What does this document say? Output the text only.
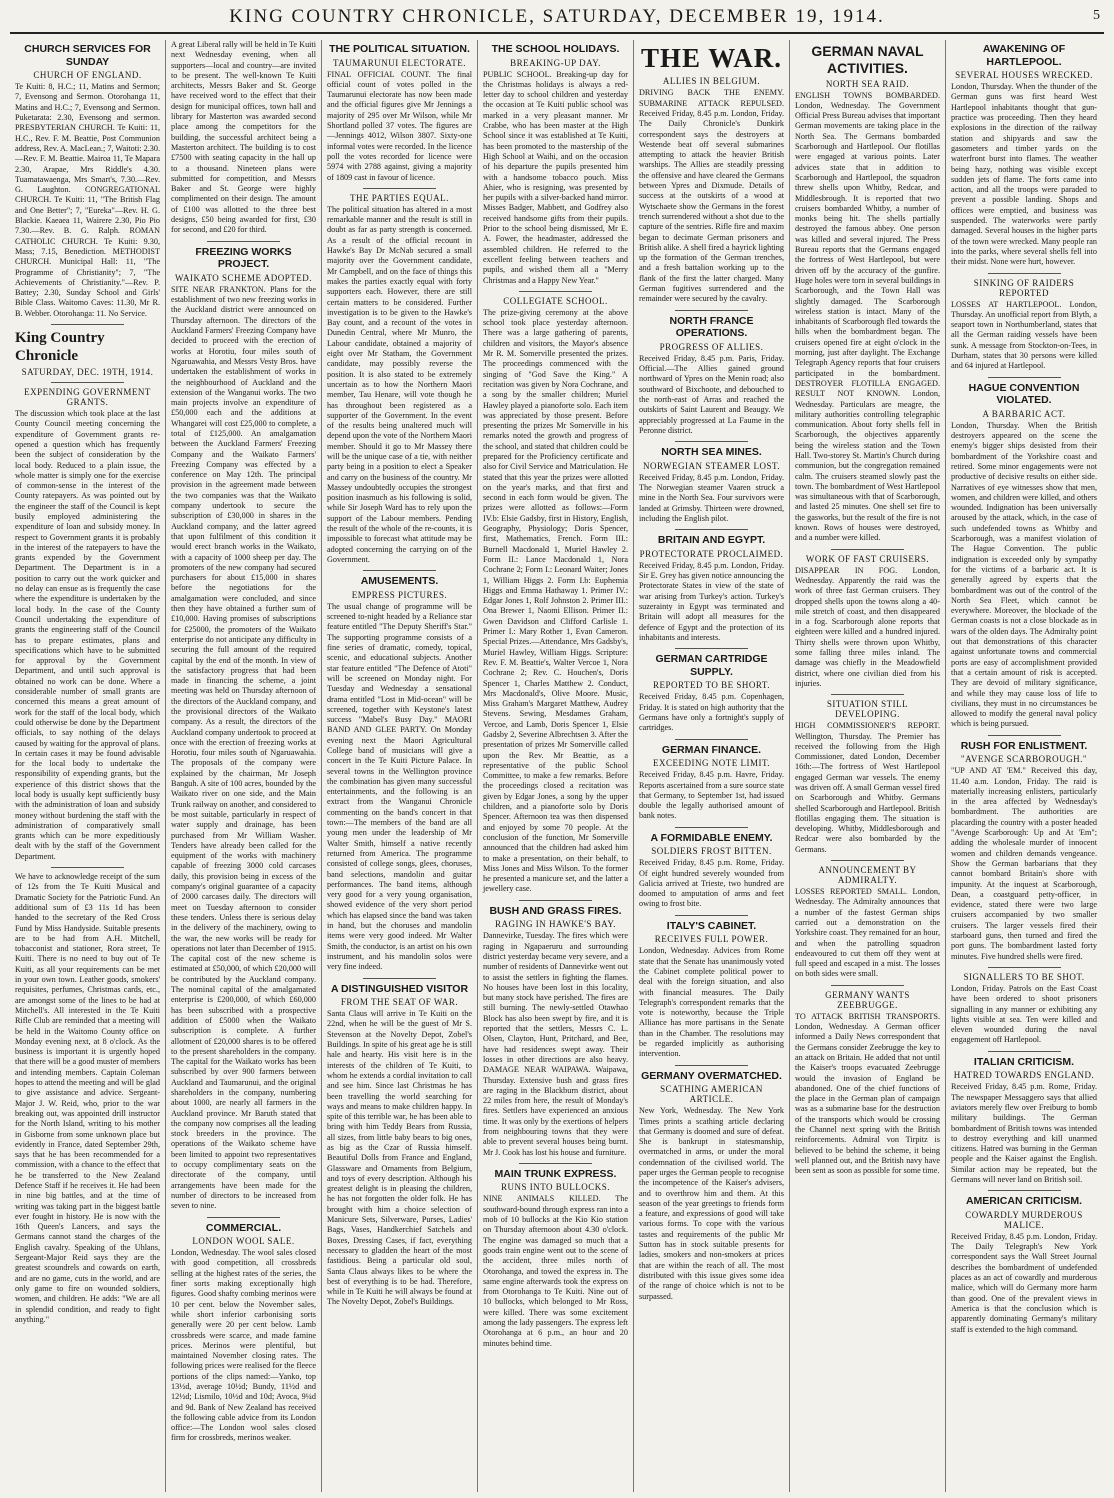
KING COUNTRY CHRONICLE, SATURDAY, DECEMBER 19, 1914.	5
CHURCH SERVICES FOR SUNDAY
CHURCH OF ENGLAND.

Te Kuiti: 8, H.C.; 11, Matins and Sermon; 7, Evensong and Sermon. Otorohanga 11, Matins and H.C.; 7, Evensong and Sermon. Puketarata: 2.30, Evensong and sermon. PRESBYTERIAN CHURCH. Te Kuiti: 11, H.C., Rev. F. M. Beattie, Post Communion address, Rev. A. MacLean.; 7, Waitoti: 2.30.—Rev. F. M. Beattie. Mairoa 11, Te Mapara 2.30, Arapae, Mrs Riddle's 4.30. Tuamatawaenga, Mrs Smart's, 7.30.—Rev. G. Laughton. CONGREGATIONAL CHURCH. Te Kuiti: 11, "The British Flag and One Better"; 7, "Eureka"—Rev. H. G. Blackie. Kaeaea 11, Wairere 2.30, Pio Pio 7.30.—Rev. B. G. Ralph. ROMAN CATHOLIC CHURCH. Te Kuiti: 9.30, Mass; 7.15, Benediction. METHODIST CHURCH. Municipal Hall: 11, "The Programme of Christianity"; 7, "The Achievements of Christianity."—Rev. P. Battey; 2.30, Sunday School and Girls' Bible Class. Waitomo Caves: 11.30, Mr R. B. Webber. Otorohanga: 11. No Service.

King Country Chronicle
SATURDAY, DEC. 19TH, 1914.
EXPENDING GOVERNMENT GRANTS.

The discussion which took place at the last County Council meeting concerning the expenditure of Government grants re-opened a question which has frequently been the subject of consideration by the local body. Reduced to a plain issue, the whole matter is simply one for the exercise of common-sense in the interest of the County ratepayers. As was pointed out by the engineer the staff of the Council is kept busily employed administering the expenditure of loan and subsidy money. In respect to Government grants it is probably in the interest of the ratepayers to have the grants expended by the Government Department. The Department is in a position to carry out the work quicker and no delay can ensue as is frequently the case where the expenditure is undertaken by the local body. In the case of the County Council undertaking the expenditure of grants the engineering staff of the Council has to prepare estimates, plans and specifications which have to be submitted for approval by the Government Department, and until such approval is obtained no work can be done. Where a considerable number of small grants are concerned this means a great amount of work for the staff of the local body, which could otherwise be done by the Department officials, to say nothing of the delays caused by waiting for the approval of plans. In certain cases it may be found advisable for the local body to undertake the responsibility of expending grants, but the experience of this district shows that the local body is usually kept sufficiently busy with the administration of loan and subsidy money without burdening the staff with the administration of comparatively small grants which can be more expeditiously dealt with by the staff of the Government Department.

We have to acknowledge receipt of the sum of 12s from the Te Kuiti Musical and Dramatic Society for the Patriotic Fund. An additional sum of £3 11s 1d has been handed to the secretary of the Red Cross Fund by Miss Handyside. Suitable presents are to be had from A.H. Mitchell, tobacconist and stationer, Rora street, Te Kuiti. There is no need to buy out of Te Kuiti, as all your requirements can be met in your own town. Leather goods, smokers' requisites, perfumes, Christmas cards, etc., are amongst some of the lines to be had at Mitchell's. All interested in the Te Kuiti Rifle Club are reminded that a meeting will be held in the Waitomo County office on Monday evening next, at 8 o'clock. As the business is important it is urgently hoped that there will be a good muster of members and intending members. Captain Coleman hopes to attend the meeting and will be glad to give assistance and advice. Sergeant-Major J. W. Reid, who, prior to the war breaking out, was appointed drill instructor for the North Island, writing to his mother in Gisborne from some unknown place but evidently in France, dated September 29th, says that he has been recommended for a commission, with a chance to the effect that he be transferred to the New Zealand Defence Staff if he receives it. He had been in nine big battles, and at the time of writing was taking part in the biggest battle ever fought in history. He is now with the 16th Queen's Lancers, and says the Germans cannot stand the charges of the English cavalry. Speaking of the Uhlans, Sergeant-Major Reid says they are the greatest scoundrels and cowards on earth, and are no game, cuts in the world, and are only game to fire on wounded soldiers, women, and children. He adds: "We are all in splendid condition, and ready to fight anything."

A great Liberal rally will be held in Te Kuiti next Wednesday evening, when all supporters—local and country—are invited to be present. The well-known Te Kuiti architects, Messrs Baker and St. George have received word to the effect that their design for municipal offices, town hall and library for Masterton was awarded second place among the competitors for the building, the successful architect being a Masterton architect. The building is to cost £7500 with seating capacity in the hall up to a thousand. Nineteen plans were submitted for competition, and Messrs Baker and St. George were highly complimented on their design. The amount of £100 was allotted to the three best designs, £50 being awarded for first, £30 for second, and £20 for third.

FREEZING WORKS PROJECT.
WAIKATO SCHEME ADOPTED.

SITE NEAR FRANKTON. Plans for the establishment of two new freezing works in the Auckland district were announced on Thursday afternoon. The directors of the Auckland Farmers' Freezing Company have decided to proceed with the erection of works at Horotiu, four miles south of Ngaruawahia, and Messrs Vesty Bros. have undertaken the establishment of works in the neighbourhood of Auckland and the extension of the Wanganui works. The two main projects involve an expenditure of £50,000 each and the additions at Whangarei will cost £25,000 to complete, a total of £125,000. An amalgamation between the Auckland Farmers' Freezing Company and the Waikato Farmers' Freezing Company was effected by a conference on May 12th. The principal provision in the agreement made between the two companies was that the Waikato company undertook to secure the subscription of £30,000 in shares in the Auckland company, and the latter agreed that upon fulfilment of this condition it would erect branch works in the Waikato, with a capacity of 1000 sheep per day. The promoters of the new company had secured purchasers for about £15,000 in shares before the negotiations for the amalgamation were concluded, and since then they have obtained a further sum of £10,000. Having promises of subscriptions for £25000, the promoters of the Waikato enterprise do not anticipate any difficulty in securing the full amount of the required capital by the end of the month. In view of the satisfactory progress that had been made in financing the scheme, a joint meeting was held on Thursday afternoon of the directors of the Auckland company, and the provisional directors of the Waikato company. As a result, the directors of the Auckland company undertook to proceed at once with the erection of freezing works at Horotiu, four miles south of Ngaruawahia. The proposals of the company were explained by the chairman, Mr Joseph Banguh. A site of 100 acres, bounded by the Waikato river on one side, and the Main Trunk railway on another, and considered to be most suitable, particularly in respect of water supply and drainage, has been purchased from Mr William Washer. Tenders have already been called for the equipment of the works with machinery capable of freezing 3000 cold carcases daily, this provision being in excess of the company's original guarantee of a capacity of 2000 carcases daily. The directors will meet on Tuesday afternoon to consider these tenders. Unless there is serious delay in the delivery of the machinery, owing to the war, the new works will be ready for operations not later than December of 1915. The capital cost of the new scheme is estimated at £50,000, of which £20,000 will be contributed by the Auckland company. The nominal capital of the amalgamated enterprise is £200,000, of which £60,000 has been subscribed with a prospective addition of £5000 when the Waikato subscription is complete. A further allotment of £20,000 shares is to be offered to the present shareholders in the company. The capital for the Waikato works has been subscribed by over 900 farmers between Auckland and Taumarunui, and the original shareholders in the company, numbering about 1000, are nearly all farmers in the Auckland province. Mr Baruth stated that the company now comprises all the leading stock breeders in the province. The operations of the Waikato scheme have been limited to appoint two representatives to occupy complimentary seats on the directorate of the company, until arrangements have been made for the number of directors to be increased from seven to nine.

COMMERCIAL.
LONDON WOOL SALE.

London, Wednesday. The wool sales closed with good competition, all crossbreds selling at the highest rates of the series, the finer sorts making exceptionally high figures. Good shafty combing merinos were 10 per cent. below the November sales, while short inferior carbonising sorts generally were 20 per cent below. Lamb crossbreds were scarce, and made famine prices. Merinos were plentiful, but maintained November closing rates. The following prices were realised for the fleece portions of the clips named:—Yanko, top 13½d, average 10½d; Bundy, 11½d and 12½d; Lismilo, 10½d and 10d; Avoca, 9¼d and 9d. Bank of New Zealand has received the following cable advice from its London office:—The London wool sales closed firm for crossbreds, merinos weaker.

THE POLITICAL SITUATION.
TAUMARUNUI ELECTORATE.

FINAL OFFICIAL COUNT. The final official count of votes polled in the Taumarunui electorate has now been made and the official figures give Mr Jennings a majority of 295 over Mr Wilson, while Mr Shortland polled 37 votes. The figures are—Jennings 4012, Wilson 3807. Sixty-one informal votes were recorded. In the licence poll the votes recorded for licence were 5974 with 2788 against, giving a majority of 1809 cast in favour of licence.

THE PARTIES EQUAL.

The political situation has altered in a most remarkable manner and the result is still in doubt as far as party strength is concerned. As a result of the official recount in Hawke's Bay Dr McNab secured a small majority over the Government candidate, Mr Campbell, and on the face of things this makes the parties exactly equal with forty supporters each. However, there are still certain matters to be considered. Further investigation is to be given to the Hawke's Bay count, and a recount of the votes in Dunedin Central, where Mr Munro, the Labour candidate, obtained a majority of eight over Mr Statham, the Government candidate, may possibly reverse the position. It is also stated to be extremely uncertain as to how the Northern Maori member, Tau Henare, will vote though he has throughout been registered as a supporter of the Government. In the event of the results being unaltered much will depend upon the vote of the Northern Maori member. Should it go to Mr Massey there will be the unique case of a tie, with neither party being in a position to elect a Speaker and carry on the business of the country. Mr Massey undoubtedly occupies the strongest position inasmuch as his following is solid, while Sir Joseph Ward has to rely upon the support of the Labour members. Pending the result of the whole of the re-counts, it is impossible to forecast what attitude may be adopted concerning the carrying on of the Government.

AMUSEMENTS.
EMPRESS PICTURES.

The usual change of programme will be screened to-night headed by a Reliance star feature entitled "The Deputy Sheriff's Star." The supporting programme consists of a fine series of dramatic, comedy, topical, scenic, and educational subjects. Another star feature entitled "The Defence of Atoti" will be screened on Monday night. For Tuesday and Wednesday a sensational drama entitled "Lost in Mid-ocean" will be screened, together with Keystone's latest success "Mabel's Busy Day." MAORI BAND AND GLEE PARTY. On Monday evening next the Maori Agricultural College band of musicians will give a concert in the Te Kuiti Picture Palace. In several towns in the Wellington province the combination has given many successful entertainments, and the following is an extract from the Wanganui Chronicle commenting on the band's concert in that town:—The members of the band are all young men under the leadership of Mr Walter Smith, himself a native recently returned from America. The programme consisted of college songs, glees, choruses, band selections, mandolin and guitar performances. The band items, although very good for a very young organisation, showed evidence of the very short period which has elapsed since the band was taken in hand, but the choruses and mandolin items were very good indeed. Mr Walter Smith, the conductor, is an artist on his own instrument, and his mandolin solos were very fine indeed.

A DISTINGUISHED VISITOR
FROM THE SEAT OF WAR.

Santa Claus will arrive in Te Kuiti on the 22nd, when he will be the guest of Mr S. Stevenson at the Novelty Depot, Zobel's Buildings. In spite of his great age he is still hale and hearty. His visit here is in the interests of the children of Te Kuiti, to whom he extends a cordial invitation to call and see him. Since last Christmas he has been travelling the world searching for ways and means to make children happy. In spite of this terrible war, he has been able to bring with him Teddy Bears from Russia, all sizes, from little baby bears to big ones, as big as the Czar of Russia himself. Beautiful Dolls from France and England, Glassware and Ornaments from Belgium, and toys of every description. Although his greatest delight is in pleasing the children, he has not forgotten the older folk. He has brought with him a choice selection of Manicure Sets, Silverware, Purses, Ladies' Bags, Vases, Handkerchief Satchels and Boxes, Dressing Cases, if fact, everything necessary to gladden the heart of the most fastidious. Being a particular old soul, Santa Claus always likes to be where the best of everything is to be had. Therefore, while in Te Kuiti he will always be found at The Novelty Depot, Zobel's Buildings.

THE SCHOOL HOLIDAYS.
BREAKING-UP DAY.

PUBLIC SCHOOL. Breaking-up day for the Christmas holidays is always a red-letter day to school children and yesterday the occasion at Te Kuiti public school was marked in a very pleasant manner. Mr Crabbe, who has been master at the High School since it was established at Te Kuiti, has been promoted to the mastership of the High School at Waihi, and on the occasion of his departure the pupils presented him with a handsome tobacco pouch. Miss Ahier, who is resigning, was presented by her pupils with a silver-backed hand mirror. Misses Badger, Mabbett, and Godfrey also received handsome gifts from their pupils. Prior to the school being dismissed, Mr E. A. Fower, the headmaster, addressed the assembled children. He referred to the excellent feeling between teachers and pupils, and wished them all a "Merry Christmas and a Happy New Year."

COLLEGIATE SCHOOL.

The prize-giving ceremony at the above school took place yesterday afternoon. There was a large gathering of parents, children and visitors, the Mayor's absence Mr R. M. Somerville presented the prizes. The proceedings commenced with the singing of "God Save the King." A recitation was given by Nora Cochrane, and a song by the smaller children; Muriel Hawley played a pianoforte solo. Each item was appreciated by those present. Before presenting the prizes Mr Somerville in his remarks noted the growth and progress of the school, and stated that children could be prepared for the Proficiency certificate and also for Civil Service and Matriculation. He stated that this year the prizes were allotted on the year's marks, and that first and second in each form would be given. The prizes were allotted as follows:—Form IV.b: Elsie Gadsby, first in History, English, Geography, Physiology; Doris Spencer, first, Mathematics, French. Form III.: Burnell Macdonald 1, Muriel Hawley 2. Form II.: Lance Macdonald 1, Nora Cochrane 2; Form I.: Leonard Waiter; Jones 1, William Higgs 2. Form I.b: Euphemia Higgs and Emma Hathaway 1. Primer IV.: Edgar Jones 1, Rolf Johnston 2. Primer III.: Ona Brewer 1, Naomi Ellison. Primer II.: Gwen Davidson and Clifford Carlisle 1. Primer I.: Mary Rother 1, Evan Cameron. Special Prizes.—Attendance, Mrs Gadsby's, Muriel Hawley, William Higgs. Scripture: Rev. F. M. Beattie's, Walter Vercoe 1, Nora Cochrane 2; Rev. C. Houchen's, Doris Spencer 1, Charles Matthew 2. Conduct, Mrs Macdonald's, Olive Moore. Music, Miss Graham's Margaret Matthew, Audrey Stevens. Sewing, Mesdames Graham, Vercoe, and Lamb, Doris Spencer 1, Elsie Gadsby 2, Severine Albrechtsen 3. After the presentation of prizes Mr Somerville called upon the Rev. Mr Beattie, as a representative of the public School Committee, to make a few remarks. Before the proceedings closed a recitation was given by Edgar Jones, a song by the upper children, and a pianoforte solo by Doris Spencer. Afternoon tea was then dispensed and enjoyed by some 70 people. At the conclusion of the function, Mr Somerville announced that the children had asked him to make a presentation, on their behalf, to Miss Jones and Miss Wilson. To the former he presented a manicure set, and the latter a jewellery case.

BUSH AND GRASS FIRES.
RAGING IN HAWKE'S BAY.

Dannevirke, Tuesday. The fires which were raging in Ngapaeruru and surrounding district yesterday became very severe, and a number of residents of Dannevirke went out to assist the settlers in fighting the flames. No houses have been lost in this locality, but many stock have perished. The fires are still burning. The newly-settled Otawhao Block has also been swept by fire, and it is reported that the settlers, Messrs C. L. Olsen, Clayton, Hunt, Pritchard, and Bee, have had residences swept away. Their losses in other directions are also heavy. DAMAGE NEAR WAIPAWA. Waipawa, Thursday. Extensive bush and grass fires are raging in the Blackburn district, about 22 miles from here, the result of Monday's fires. Settlers have experienced an anxious time. It was only by the exertions of helpers from neighbouring towns that they were able to prevent several houses being burnt. Mr J. Cook has lost his house and furniture.

MAIN TRUNK EXPRESS.
RUNS INTO BULLOCKS.

NINE ANIMALS KILLED. The southward-bound through express ran into a mob of 10 bullocks at the Kio Kio station on Thursday afternoon about 4.30 o'clock. The engine was damaged so much that a goods train engine went out to the scene of the accident, three miles north of Otorohanga, and towed the express in. The same engine afterwards took the express on from Otorohanga to Te Kuiti. Nine out of 10 bullocks, which belonged to Mr Ross, were killed. There was some excitement among the lady passengers. The express left Otorohanga at 6 p.m., an hour and 20 minutes behind time.

THE WAR.
ALLIES IN BELGIUM.

DRIVING BACK THE ENEMY. SUBMARINE ATTACK REPULSED. Received Friday, 8.45 p.m. London, Friday. The Daily Chronicle's Dunkirk correspondent says the destroyers at Westende beat off several submarines attempting to attack the heavier British warships. The Allies are steadily pressing the offensive and have cleared the Germans between Ypres and Dixmude. Details of success at the outskirts of a wood at Wytschaete show the Germans in the forest trench surrendered without a shot due to the capture of the sentries. Rifle fire and maxim began to decimate German prisoners and British alike. A shell fired a hayrick lighting up the formation of the German trenches, and a fresh battalion working up to the flank of the first the latter charged. Many German fugitives surrendered and the remainder were secured by the cavalry.

NORTH FRANCE OPERATIONS.
PROGRESS OF ALLIES.

Received Friday, 8.45 p.m. Paris, Friday. Official.—The Allies gained ground northward of Ypres on the Menin road; also southward of Bixchoote, and debouched to the north-east of Arras and reached the outskirts of Saint Laurent and Beaugy. We appreciably progressed at La Faume in the Peronne district.

NORTH SEA MINES.
NORWEGIAN STEAMER LOST.

Received Friday, 8.45 p.m. London, Friday. The Norwegian steamer Vaaren struck a mine in the North Sea. Four survivors were landed at Grimsby. Thirteen were drowned, including the English pilot.

BRITAIN AND EGYPT.
PROTECTORATE PROCLAIMED.

Received Friday, 8.45 p.m. London, Friday. Sir E. Grey has given notice announcing the Protectorate States in view of the state of war arising from Turkey's action. Turkey's suzerainty in Egypt was terminated and Britain will adopt all measures for the defence of Egypt and the protection of its inhabitants and interests.

GERMAN CARTRIDGE SUPPLY.
REPORTED TO BE SHORT.

Received Friday, 8.45 p.m. Copenhagen, Friday. It is stated on high authority that the Germans have only a fortnight's supply of cartridges.

GERMAN FINANCE.
EXCEEDING NOTE LIMIT.

Received Friday, 8.45 p.m. Havre, Friday. Reports ascertained from a sure source state that Germany, to September 1st, had issued double the legally authorised amount of bank notes.

A FORMIDABLE ENEMY.
SOLDIERS FROST BITTEN.

Received Friday, 8.45 p.m. Rome, Friday. Of eight hundred severely wounded from Galicia arrived at Trieste, two hundred are doomed to amputation of arms and feet owing to frost bite.

ITALY'S CABINET.
RECEIVES FULL POWER.

London, Wednesday. Advices from Rome state that the Senate has unanimously voted the Cabinet complete political power to deal with the foreign situation, and also with financial measures. The Daily Telegraph's correspondent remarks that the vote is noteworthy, because the Triple Alliance has more partisans in the Senate than in the Chamber. The resolutions may be regarded implicitly as authorising intervention.

GERMANY OVERMATCHED.
SCATHING AMERICAN ARTICLE.

New York, Wednesday. The New York Times prints a scathing article declaring that Germany is doomed and sure of defeat. She is bankrupt in statesmanship, overmatched in arms, or under the moral condemnation of the civilised world. The paper urges the German people to recognise the incompetence of the Kaiser's advisers, and to overthrow him and them. At this season of the year greetings to friends form a feature, and expressions of good will take various forms. To cope with the various tastes and requirements of the public Mr Sutton has in stock suitable presents for ladies, smokers and non-smokers at prices that are within the reach of all. The most distributed with this issue gives some idea of the range of choice which is not to be surpassed.

GERMAN NAVAL ACTIVITIES.
NORTH SEA RAID.

ENGLISH TOWNS BOMBARDED. London, Wednesday. The Government Official Press Bureau advises that important German movements are taking place in the North Sea. The Germans bombarded Scarborough and Hartlepool. Our flotillas were engaged at various points. Later advices state that in addition to Scarborough and Hartlepool, the squadron threw shells upon Whitby, Redcar, and Middlesbrough. It is reported that two cruisers bombarded Whitby, a number of monks being hit. The shells partially destroyed the famous abbey. One person was killed and several injured. The Press Bureau reports that the Germans engaged the fortress of West Hartlepool, but were driven off by the accuracy of the gunfire. Huge holes were torn in several buildings in Scarborough, and the Town Hall was slightly damaged. The Scarborough wireless station is intact. Many of the inhabitants of Scarborough fled towards the hills when the bombardment began. The cruisers opened fire at eight o'clock in the morning, just after daylight. The Exchange Telegraph Agency reports that four cruisers participated in the bombardment. DESTROYER FLOTILLA ENGAGED. RESULT NOT KNOWN. London, Wednesday. Particulars are meagre, the military authorities controlling telegraphic communication. About forty shells fell in Scarborough, the objectives apparently being the wireless station and the Town Hall. Two-storey St. Martin's Church during communion, but the congregation remained calm. The cruisers steamed slowly past the town. The bombardment of West Hartlepool was simultaneous with that of Scarborough, and lasted 25 minutes. One shell set fire to the gasworks, but the result of the fire is not known. Rows of houses were destroyed, and a number were killed.

WORK OF FAST CRUISERS.

DISAPPEAR IN FOG. London, Wednesday. Apparently the raid was the work of three fast German cruisers. They dropped shells upon the towns along a 40-mile stretch of coast, and then disappeared in a fog. Scarborough alone reports that eighteen were killed and a hundred injured. Thirty shells were thrown upon Whitby, some falling three miles inland. The damage was chiefly in the Meadowfield district, where one civilian died from his injuries.

SITUATION STILL DEVELOPING.

HIGH COMMISSIONER'S REPORT. Wellington, Thursday. The Premier has received the following from the High Commissioner, dated London, December 16th:—The fortress of West Hartlepool engaged German war vessels. The enemy was driven off. A small German vessel fired on Scarborough and Whitby. Germans shelled Scarborough and Hartlepool. British flotillas engaging them. The situation is developing. Whitby, Middlesborough and Redcar were also bombarded by the Germans.

ANNOUNCEMENT BY ADMIRALTY.

LOSSES REPORTED SMALL. London, Wednesday. The Admiralty announces that a number of the fastest German ships carried out a demonstration on the Yorkshire coast. They remained for an hour, and when the patrolling squadron endeavoured to cut them off they went at full speed and escaped in a mist. The losses on both sides were small.

GERMANY WANTS ZEEBRUGGE.

TO ATTACK BRITISH TRANSPORTS. London, Wednesday. A German officer informed a Daily News correspondent that the Germans consider Zeebrugge the key to an attack on Britain. He added that not until the Kaiser's troops evacuated Zeebrugge would the invasion of England be abandoned. One of the chief functions of the place in the German plan of campaign was as a submarine base for the destruction of the transports which would be crossing the Channel next spring with the British reinforcements. Admiral von Tirpitz is believed to be behind the scheme, it being well planned out, and the British navy have been sent as soon as possible for some time.

AWAKENING OF HARTLEPOOL.
SEVERAL HOUSES WRECKED.

London, Thursday. When the thunder of the German guns was first heard West Hartlepool inhabitants thought that gun-practice was proceeding. Then they heard explosions in the direction of the railway station and shipyards and saw the gasometers and timber yards on the waterfront burst into flames. The weather being hazy, nothing was visible except sudden jets of flame. The forts came into action, and all the troops were paraded to prevent a possible landing. Shops and offices were emptied, and business was suspended. The waterworks were partly damaged. Several houses in the higher parts of the town were wrecked. Many people ran into the parks, where several shells fell into their midst. None were hurt, however.

SINKING OF RAIDERS REPORTED

LOSSES AT HARTLEPOOL. London, Thursday. An unofficial report from Blyth, a seaport town in Northumberland, states that all the German raiding vessels have been sunk. A message from Stockton-on-Tees, in Durham, states that 30 persons were killed and 64 injured at Hartlepool.

HAGUE CONVENTION VIOLATED.
A BARBARIC ACT.

London, Thursday. When the British destroyers appeared on the scene the enemy's bigger ships desisted from their bombardment of the Yorkshire coast and retired. Some minor engagements were not productive of decisive results on either side. Narratives of eye witnesses show that men, women, and children were killed, and others wounded. Indignation has been universally aroused by the attack, which, in the case of such undefended towns as Whitby and Scarborough, was a manifest violation of The Hague Convention. The public indignation is exceeded only by sympathy for the victims of a barbaric act. It is generally agreed by experts that the bombardment was out of the control of the North Sea Fleet, which cannot be everywhere. Moreover, the blockade of the German coasts is not a close blockade as in wars of the olden days. The Admiralty point out that demonstrations of this character against unfortunate towns and commercial ports are easy of accomplishment provided that a certain amount of risk is accepted. They are devoid of military significance, and while they may cause loss of life to civilians, they must in no circumstances be allowed to modify the general naval policy which is being pursued.

RUSH FOR ENLISTMENT.
"AVENGE SCARBOROUGH."

"UP AND AT 'EM." Received this day, 11.40 a.m. London, Friday. The raid is materially increasing enlisters, particularly in the area affected by Wednesday's bombardment. The authorities are placarding the country with a poster headed "Avenge Scarborough: Up and At 'Em"; adding the wholesale murder of innocent women and children demands vengeance. Show the German barbarians that they cannot bombard Britain's shore with impunity. At the inquest at Scarborough, Dean, a coastguard petty-officer, in evidence, stated there were two large cruisers accompanied by two smaller cruisers. The larger vessels fired their starboard guns, then turned and fired the port guns. The bombardment lasted forty minutes. Five hundred shells were fired.

SIGNALLERS TO BE SHOT.

London, Friday. Patrols on the East Coast have been ordered to shoot prisoners signalling in any manner or exhibiting any lights visible at sea. Ten were killed and eleven wounded during the naval engagement off Hartlepool.

ITALIAN CRITICISM.
HATRED TOWARDS ENGLAND.

Received Friday, 8.45 p.m. Rome, Friday. The newspaper Messaggero says that allied aviators merely flew over Freiburg to bomb military buildings. The German bombardment of British towns was intended to destroy everything and kill unarmed citizens. Hatred was burning in the German people and the Kaiser against the English. Similar action may be repeated, but the Germans will never land on British soil.

AMERICAN CRITICISM.
COWARDLY MURDEROUS MALICE.

Received Friday, 8.45 p.m. London, Friday. The Daily Telegraph's New York correspondent says the Wall Street Journal describes the bombardment of undefended places as an act of cowardly and murderous malice, which will do Germany more harm than good. One of the prevalent views in America is that the conclusion which is apparently dominating Germany's military staff is extended to the high command.
